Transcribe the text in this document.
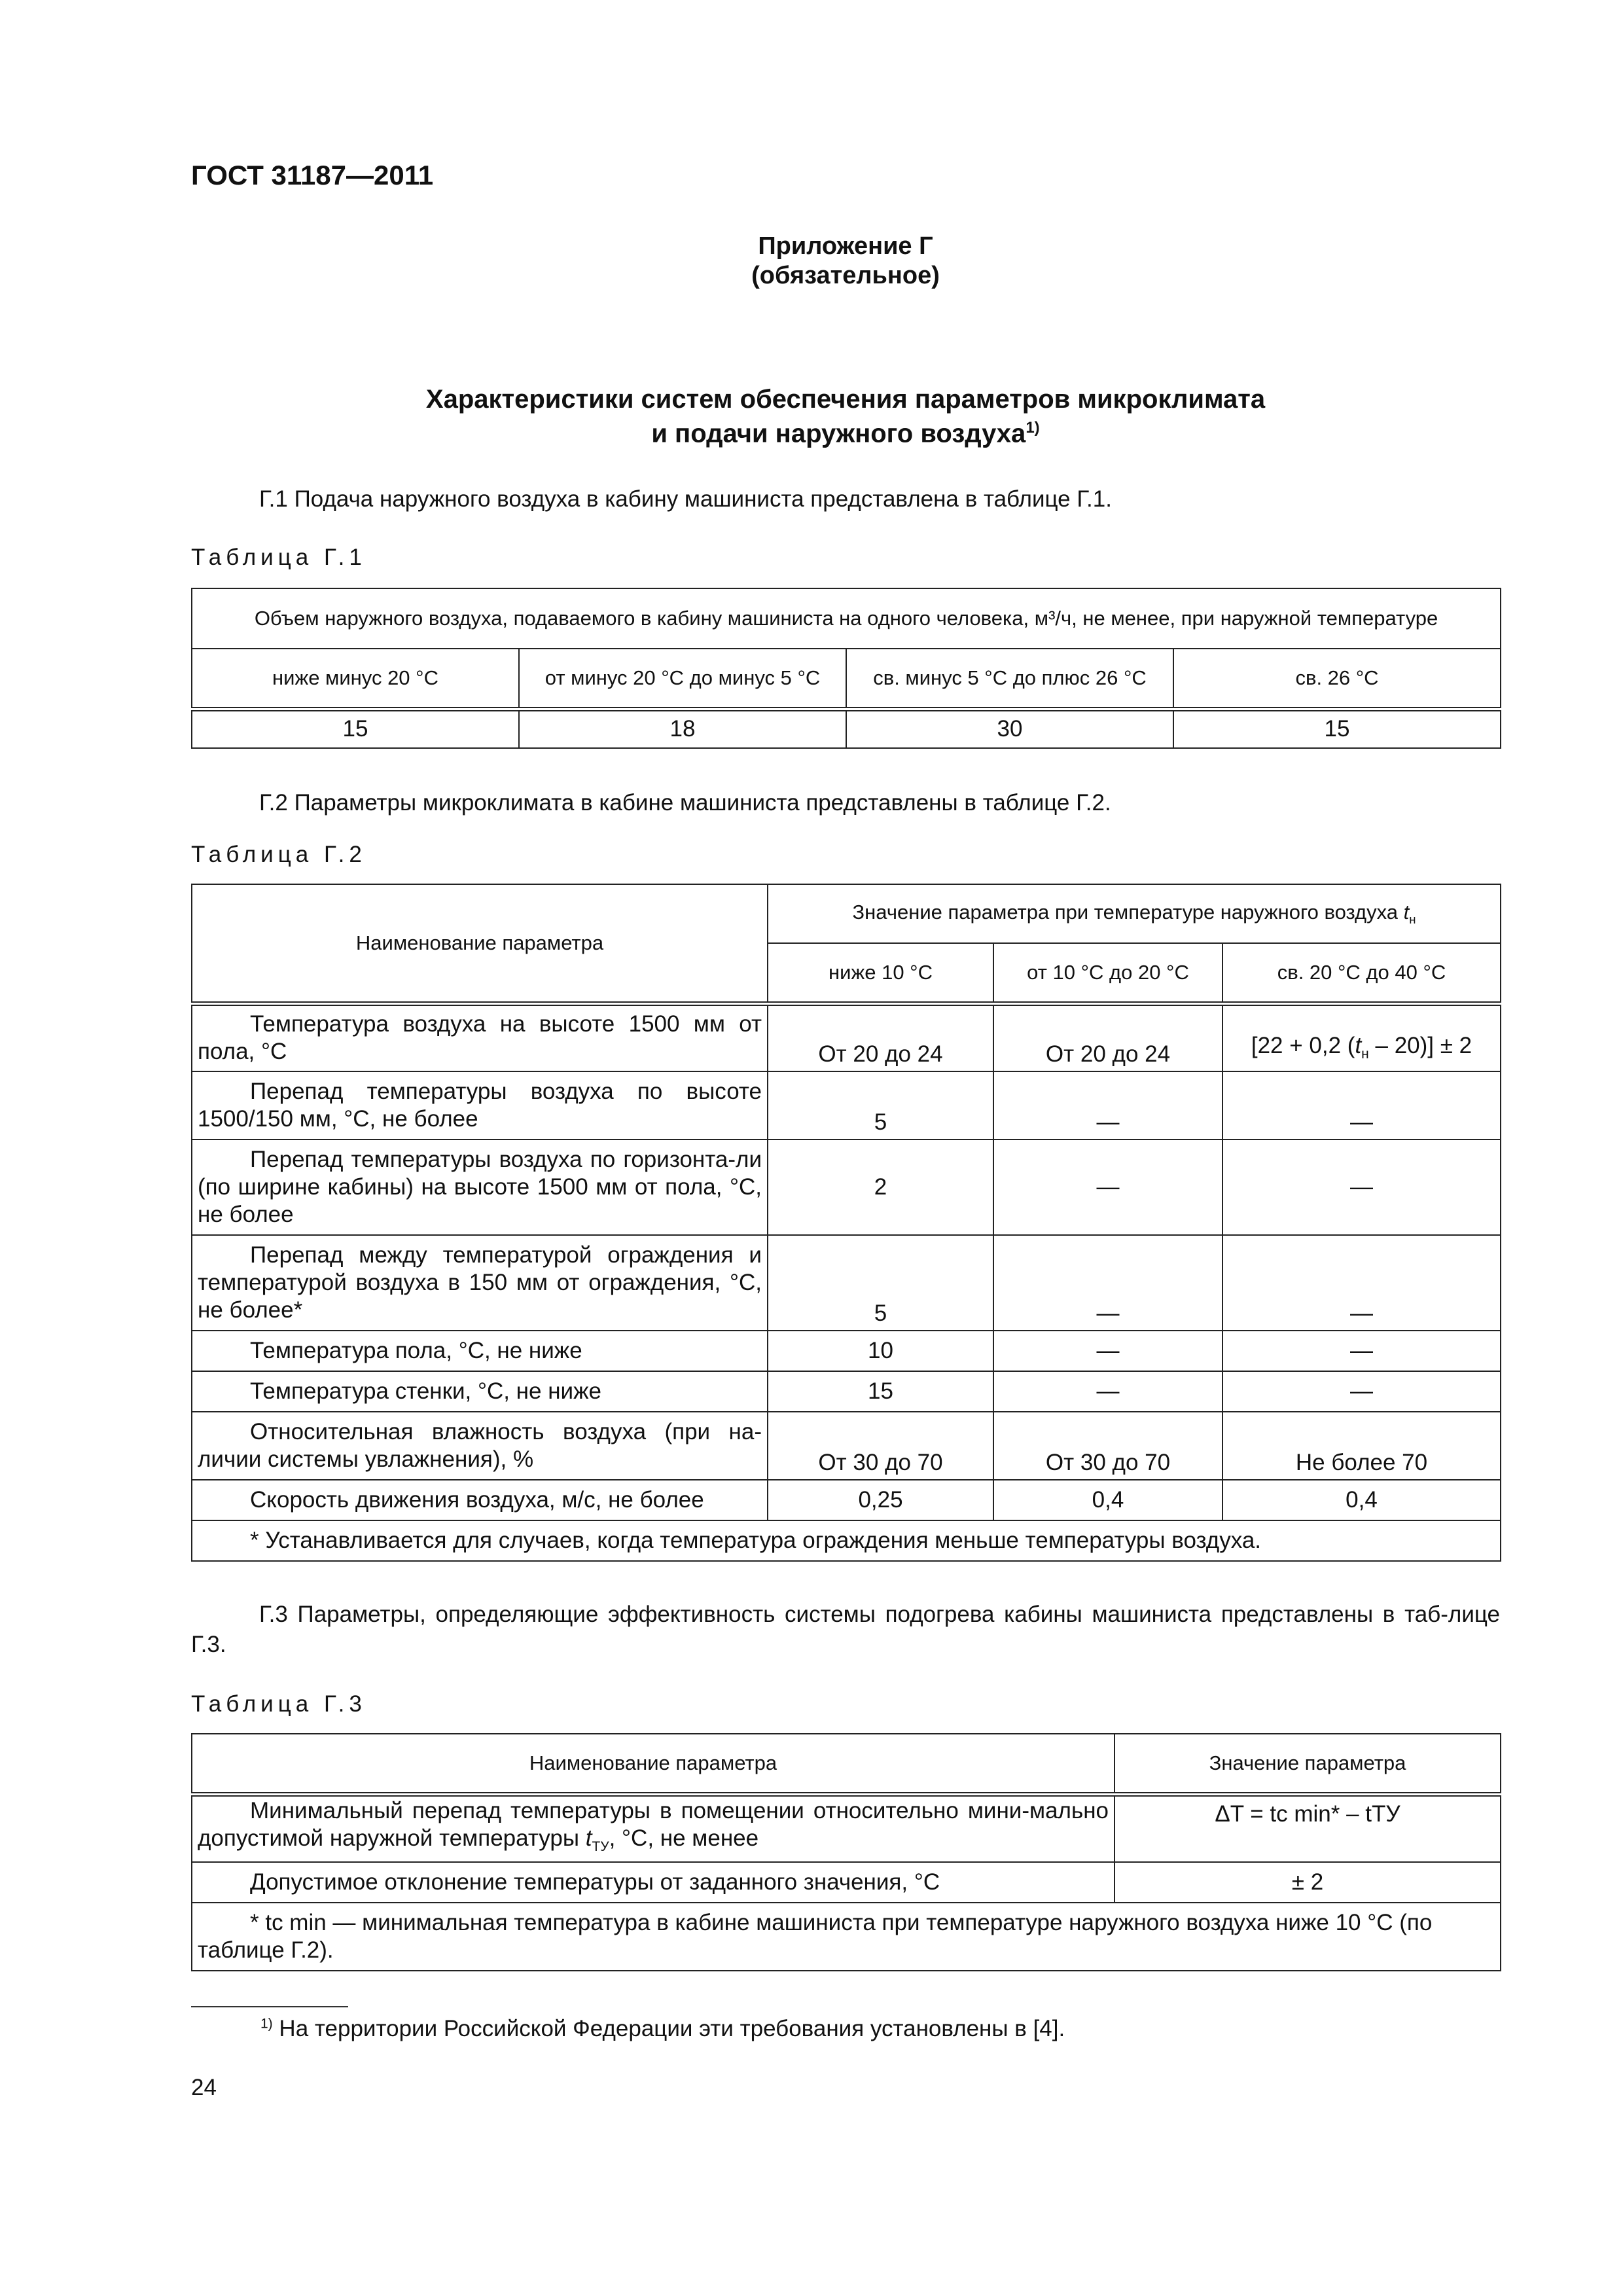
ГОСТ 31187—2011
Приложение Г
(обязательное)
Характеристики систем обеспечения параметров микроклимата
и подачи наружного воздуха$^{1)}$
Г.1 Подача наружного воздуха в кабину машиниста представлена в таблице Г.1.
Таблица Г.1
Объем наружного воздуха, подаваемого в кабину машиниста на одного человека, м³/ч, не менее, при наружной температуре			
ниже минус 20 °С	от минус 20 °С до минус 5 °С	св. минус 5 °С до плюс 26 °С	св. 26 °С
15	18	30	15
Г.2 Параметры микроклимата в кабине машиниста представлены в таблице Г.2.
Таблица Г.2
Наименование параметра	Значение параметра при температуре наружного воздуха $t_н$
	ниже 10 °С	от 10 °С до 20 °С	св. 20 °С до 40 °С
Температура воздуха на высоте 1500 мм от пола, °С	От 20 до 24	От 20 до 24	[22 + 0,2 $(t_н - 20)] \pm 2$
Перепад температуры воздуха по высоте 1500/150 мм, °С, не более	5	—	—
Перепад температуры воздуха по горизонта-ли (по ширине кабины) на высоте 1500 мм от пола, °С, не более	2	—	—
Перепад между температурой ограждения и температурой воздуха в 150 мм от ограждения, °С, не более*	5	—	—
Температура пола, °С, не ниже	10	—	—
Температура стенки, °С, не ниже	15	—	—
Относительная влажность воздуха (при на-личии системы увлажнения), %	От 30 до 70	От 30 до 70	Не более 70
Скорость движения воздуха, м/с, не более	0,25	0,4	0,4
* Устанавливается для случаев, когда температура ограждения меньше температуры воздуха.			
Г.3 Параметры, определяющие эффективность системы подогрева кабины машиниста представлены в таб-лице Г.3.
Таблица Г.3
Наименование параметра	Значение параметра
Минимальный перепад температуры в помещении относительно мини-мально допустимой наружной температуры $t_{ТУ}$, °С, не менее	ΔT = tc min* – tТУ
Допустимое отклонение температуры от заданного значения, °С	± 2
* tc min — минимальная температура в кабине машиниста при температуре наружного воздуха ниже 10 °С (по таблице Г.2).	
$^{1)}$ На территории Российской Федерации эти требования установлены в [4].
24
